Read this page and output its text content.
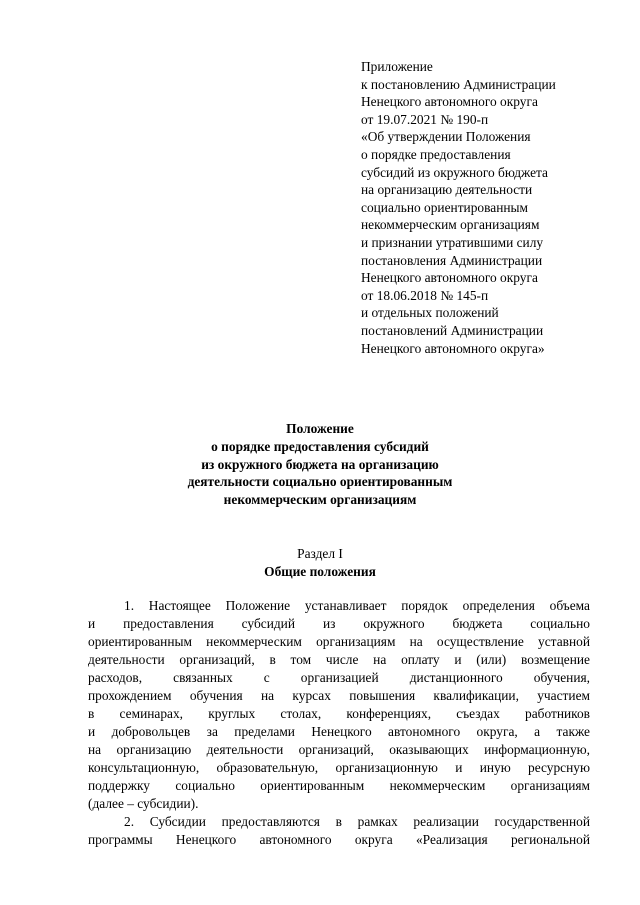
Приложение
к постановлению Администрации
Ненецкого автономного округа
от 19.07.2021 № 190-п
«Об утверждении Положения
о порядке предоставления
субсидий из окружного бюджета
на организацию деятельности
социально ориентированным
некоммерческим организациям
и признании утратившими силу
постановления Администрации
Ненецкого автономного округа
от 18.06.2018 № 145-п
и отдельных положений
постановлений Администрации
Ненецкого автономного округа»
Положение
о порядке предоставления субсидий
из окружного бюджета на организацию
деятельности социально ориентированным
некоммерческим организациям
Раздел I
Общие положения
1. Настоящее Положение устанавливает порядок определения объема
и предоставления субсидий из окружного бюджета социально
ориентированным некоммерческим организациям на осуществление уставной
деятельности организаций, в том числе на оплату и (или) возмещение
расходов, связанных с организацией дистанционного обучения,
прохождением обучения на курсах повышения квалификации, участием
в семинарах, круглых столах, конференциях, съездах работников
и добровольцев за пределами Ненецкого автономного округа, а также
на организацию деятельности организаций, оказывающих информационную,
консультационную, образовательную, организационную и иную ресурсную
поддержку социально ориентированным некоммерческим организациям
(далее – субсидии).
2. Субсидии предоставляются в рамках реализации государственной
программы Ненецкого автономного округа «Реализация региональной
